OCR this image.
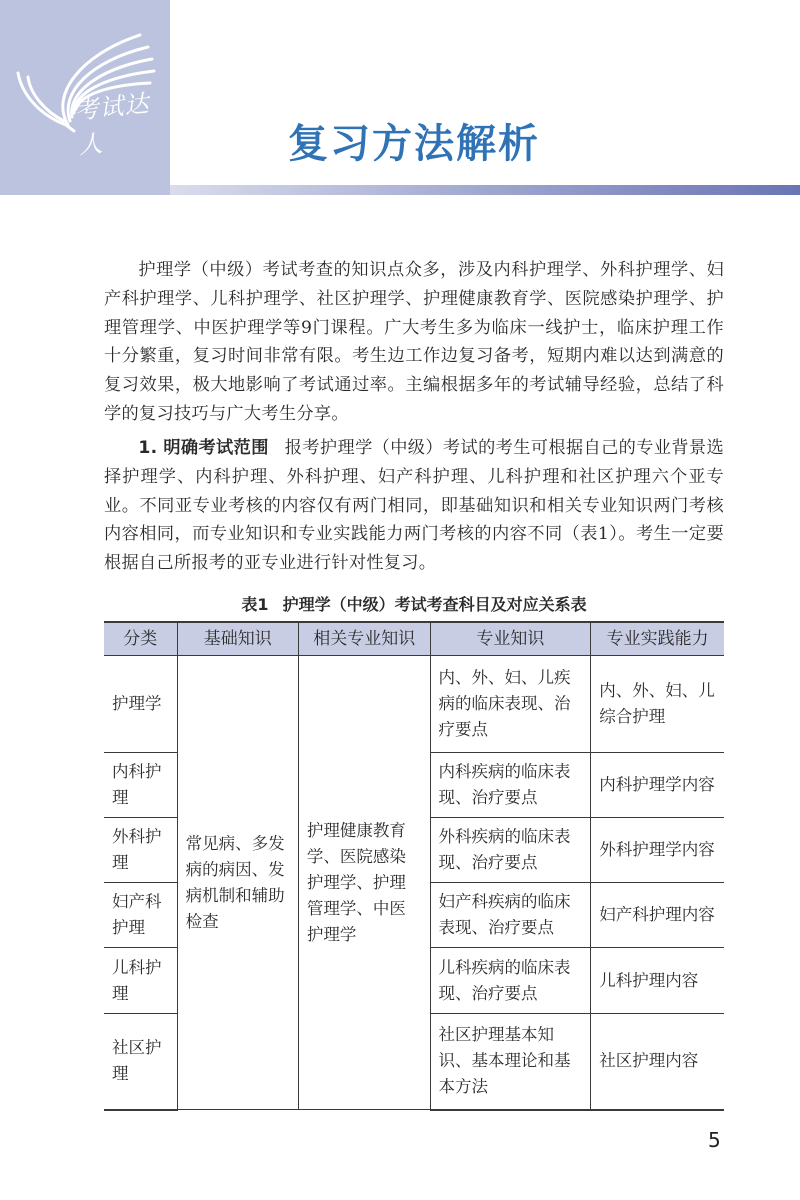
考试达人	复习方法解析
护理学（中级）考试考查的知识点众多，涉及内科护理学、外科护理学、妇产科护理学、儿科护理学、社区护理学、护理健康教育学、医院感染护理学、护理管理学、中医护理学等9门课程。广大考生多为临床一线护士，临床护理工作十分繁重，复习时间非常有限。考生边工作边复习备考，短期内难以达到满意的复习效果，极大地影响了考试通过率。主编根据多年的考试辅导经验，总结了科学的复习技巧与广大考生分享。
1. 明确考试范围 报考护理学（中级）考试的考生可根据自己的专业背景选择护理学、内科护理、外科护理、妇产科护理、儿科护理和社区护理六个亚专业。不同亚专业考核的内容仅有两门相同，即基础知识和相关专业知识两门考核内容相同，而专业知识和专业实践能力两门考核的内容不同（表1）。考生一定要根据自己所报考的亚专业进行针对性复习。
表1 护理学（中级）考试考查科目及对应关系表
分类	基础知识	相关专业知识	专业知识	专业实践能力
护理学	常见病、多发病的病因、发病机制和辅助检查	护理健康教育学、医院感染护理学、护理管理学、中医护理学	内、外、妇、儿疾病的临床表现、治疗要点	内、外、妇、儿综合护理
内科护理			内科疾病的临床表现、治疗要点	内科护理学内容
外科护理			外科疾病的临床表现、治疗要点	外科护理学内容
妇产科护理			妇产科疾病的临床表现、治疗要点	妇产科护理内容
儿科护理			儿科疾病的临床表现、治疗要点	儿科护理内容
社区护理			社区护理基本知识、基本理论和基本方法	社区护理内容
5
